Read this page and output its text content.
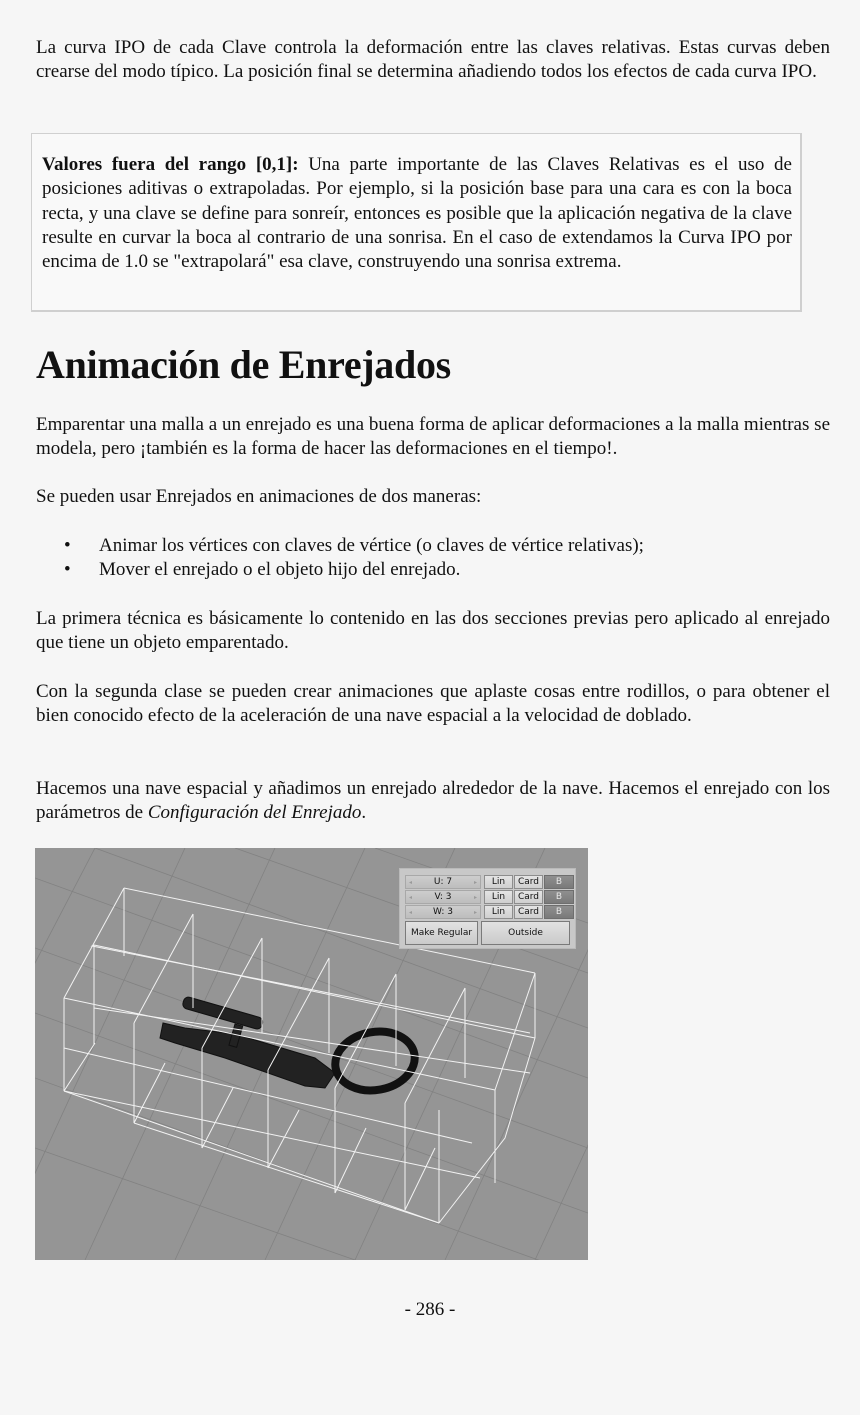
La curva IPO de cada Clave controla la deformación entre las claves relativas. Estas curvas deben crearse del modo típico. La posición final se determina añadiendo todos los efectos de cada curva IPO.

Valores fuera del rango [0,1]: Una parte importante de las Claves Relativas es el uso de posiciones aditivas o extrapoladas. Por ejemplo, si la posición base para una cara es con la boca recta, y una clave se define para sonreír, entonces es posible que la aplicación negativa de la clave resulte en curvar la boca al contrario de una sonrisa. En el caso de extendamos la Curva IPO por encima de 1.0 se "extrapolará" esa clave, construyendo una sonrisa extrema.

Animación de Enrejados

Emparentar una malla a un enrejado es una buena forma de aplicar deformaciones a la malla mientras se modela, pero ¡también es la forma de hacer las deformaciones en el tiempo!.

Se pueden usar Enrejados en animaciones de dos maneras:

• Animar los vértices con claves de vértice (o claves de vértice relativas);
• Mover el enrejado o el objeto hijo del enrejado.

La primera técnica es básicamente lo contenido en las dos secciones previas pero aplicado al enrejado que tiene un objeto emparentado.

Con la segunda clase se pueden crear animaciones que aplaste cosas entre rodillos, o para obtener el bien conocido efecto de la aceleración de una nave espacial a la velocidad de doblado.

Hacemos una nave espacial y añadimos un enrejado alrededor de la nave. Hacemos el enrejado con los parámetros de Configuración del Enrejado.

◂ U: 7	▸	Lin	Card	B
◂ V: 3	▸	Lin	Card	B
◂ W: 3	▸	Lin	Card	B
Make Regular	Outside
- 286 -
